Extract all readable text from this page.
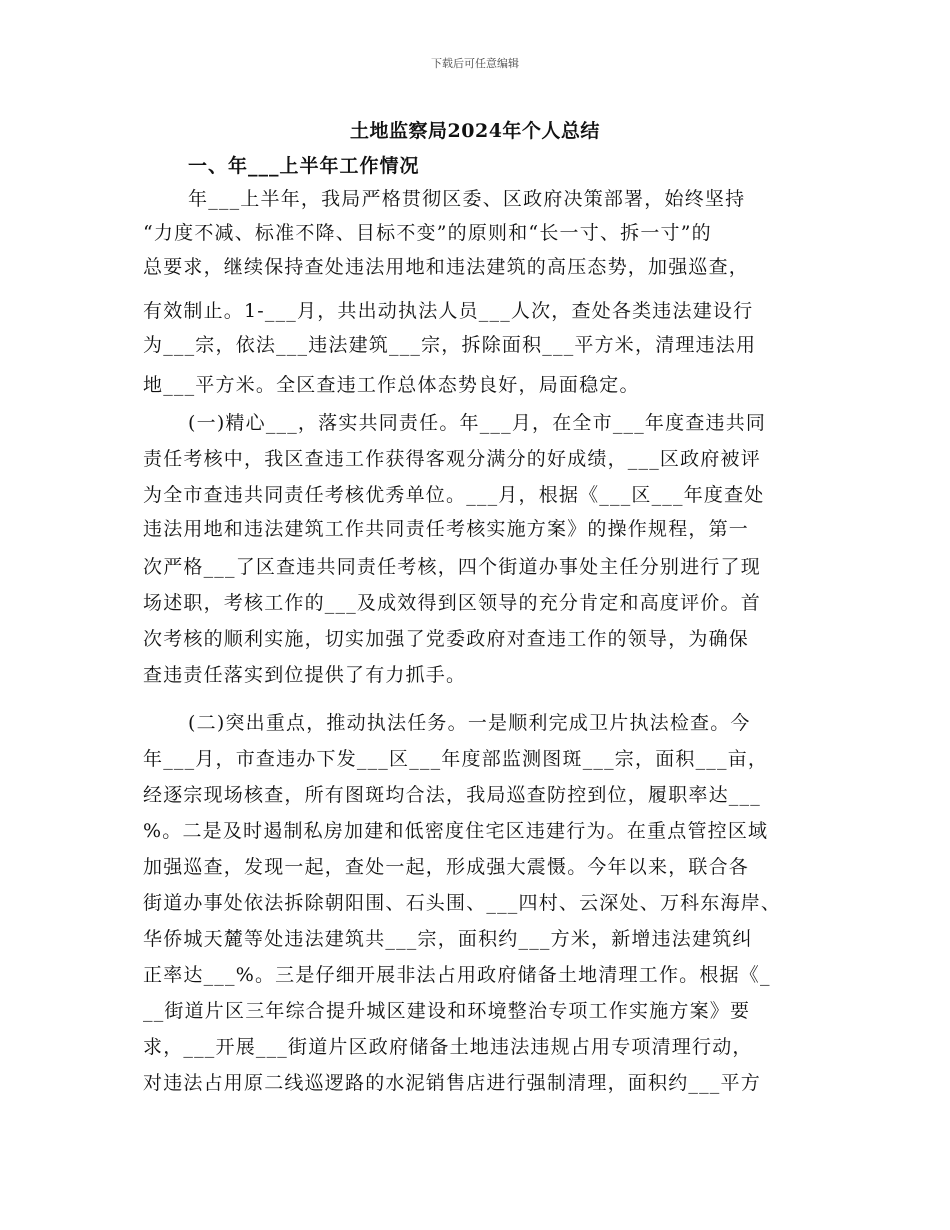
下载后可任意编辑
土地监察局2024年个人总结
一、年___上半年工作情况
年___上半年，我局严格贯彻区委、区政府决策部署，始终坚持
“力度不减、标准不降、目标不变”的原则和“长一寸、拆一寸”的
总要求，继续保持查处违法用地和违法建筑的高压态势，加强巡查，
有效制止。1-___月，共出动执法人员___人次，查处各类违法建设行
为___宗，依法___违法建筑___宗，拆除面积___平方米，清理违法用
地___平方米。全区查违工作总体态势良好，局面稳定。
(一)精心___，落实共同责任。年___月，在全市___年度查违共同
责任考核中，我区查违工作获得客观分满分的好成绩，___区政府被评
为全市查违共同责任考核优秀单位。___月，根据《___区___年度查处
违法用地和违法建筑工作共同责任考核实施方案》的操作规程，第一
次严格___了区查违共同责任考核，四个街道办事处主任分别进行了现
场述职，考核工作的___及成效得到区领导的充分肯定和高度评价。首
次考核的顺利实施，切实加强了党委政府对查违工作的领导，为确保
查违责任落实到位提供了有力抓手。
(二)突出重点，推动执法任务。一是顺利完成卫片执法检查。今
年___月，市查违办下发___区___年度部监测图斑___宗，面积___亩，
经逐宗现场核查，所有图斑均合法，我局巡查防控到位，履职率达___
%。二是及时遏制私房加建和低密度住宅区违建行为。在重点管控区域
加强巡查，发现一起，查处一起，形成强大震慑。今年以来，联合各
街道办事处依法拆除朝阳围、石头围、___四村、云深处、万科东海岸、
华侨城天麓等处违法建筑共___宗，面积约___方米，新增违法建筑纠
正率达___%。三是仔细开展非法占用政府储备土地清理工作。根据《_
__街道片区三年综合提升城区建设和环境整治专项工作实施方案》要
求，___开展___街道片区政府储备土地违法违规占用专项清理行动，
对违法占用原二线巡逻路的水泥销售店进行强制清理，面积约___平方
